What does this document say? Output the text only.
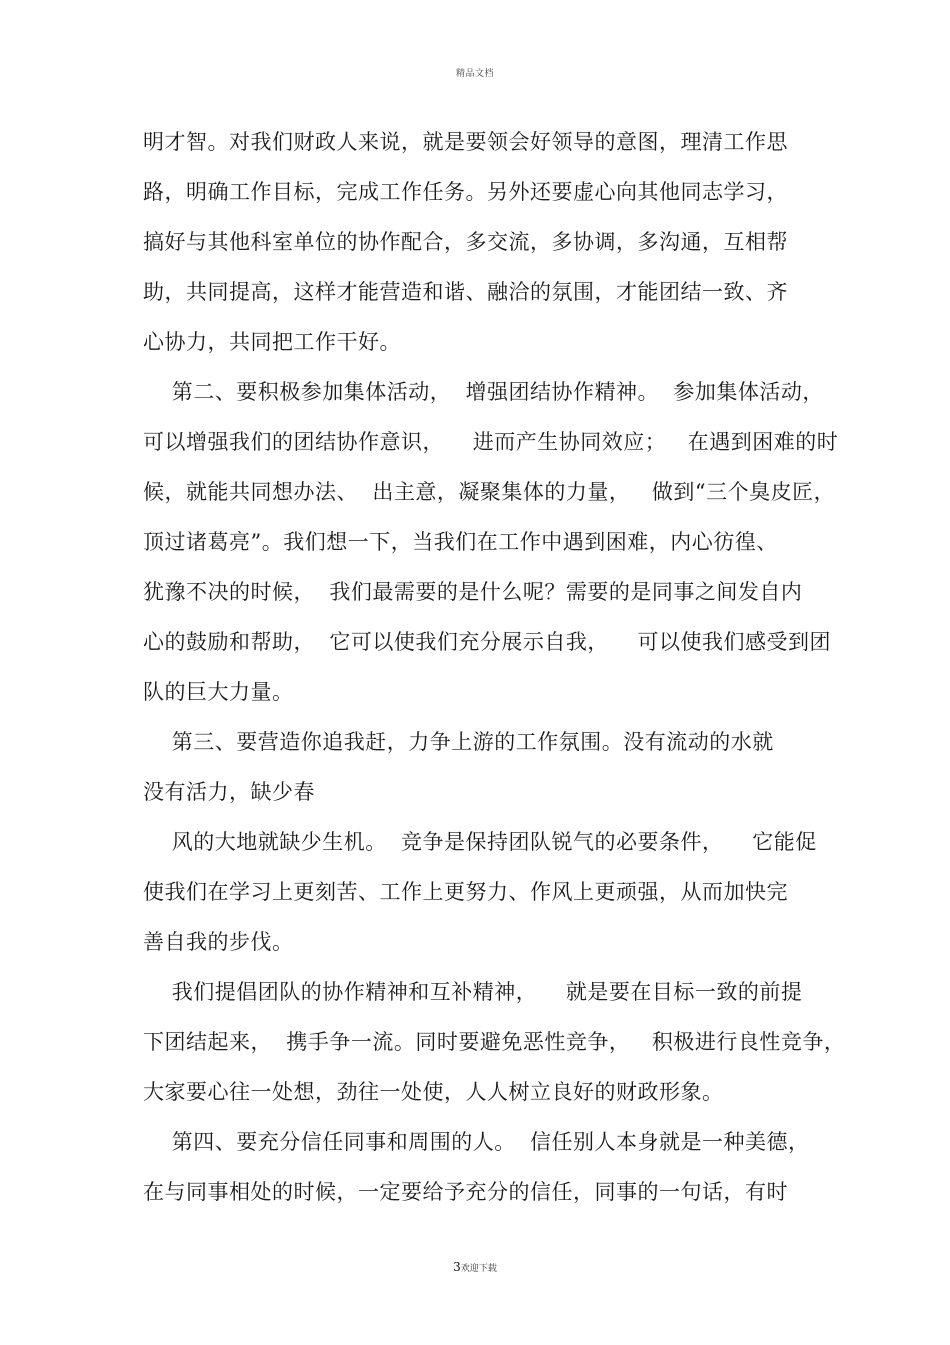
精品文档
明才智。对我们财政人来说，就是要领会好领导的意图，理清工作思
路，明确工作目标，完成工作任务。另外还要虚心向其他同志学习，
搞好与其他科室单位的协作配合，多交流，多协调，多沟通，互相帮
助，共同提高，这样才能营造和谐、融洽的氛围，才能团结一致、齐
心协力，共同把工作干好。
第二、要积极参加集体活动，  增强团结协作精神。  参加集体活动，
可以增强我们的团结协作意识，    进而产生协同效应；   在遇到困难的时
候，就能共同想办法、  出主意，凝聚集体的力量，   做到“三个臭皮匠，
顶过诸葛亮”。我们想一下，当我们在工作中遇到困难，内心彷徨、
犹豫不决的时候，  我们最需要的是什么呢？需要的是同事之间发自内
心的鼓励和帮助，  它可以使我们充分展示自我，    可以使我们感受到团
队的巨大力量。
第三、要营造你追我赶，力争上游的工作氛围。没有流动的水就
没有活力，缺少春
风的大地就缺少生机。  竞争是保持团队锐气的必要条件，    它能促
使我们在学习上更刻苦、工作上更努力、作风上更顽强，从而加快完
善自我的步伐。
我们提倡团队的协作精神和互补精神，    就是要在目标一致的前提
下团结起来，  携手争一流。同时要避免恶性竞争，   积极进行良性竞争，
大家要心往一处想，劲往一处使，人人树立良好的财政形象。
第四、要充分信任同事和周围的人。  信任别人本身就是一种美德，
在与同事相处的时候，一定要给予充分的信任，同事的一句话，有时
3欢迎下载
